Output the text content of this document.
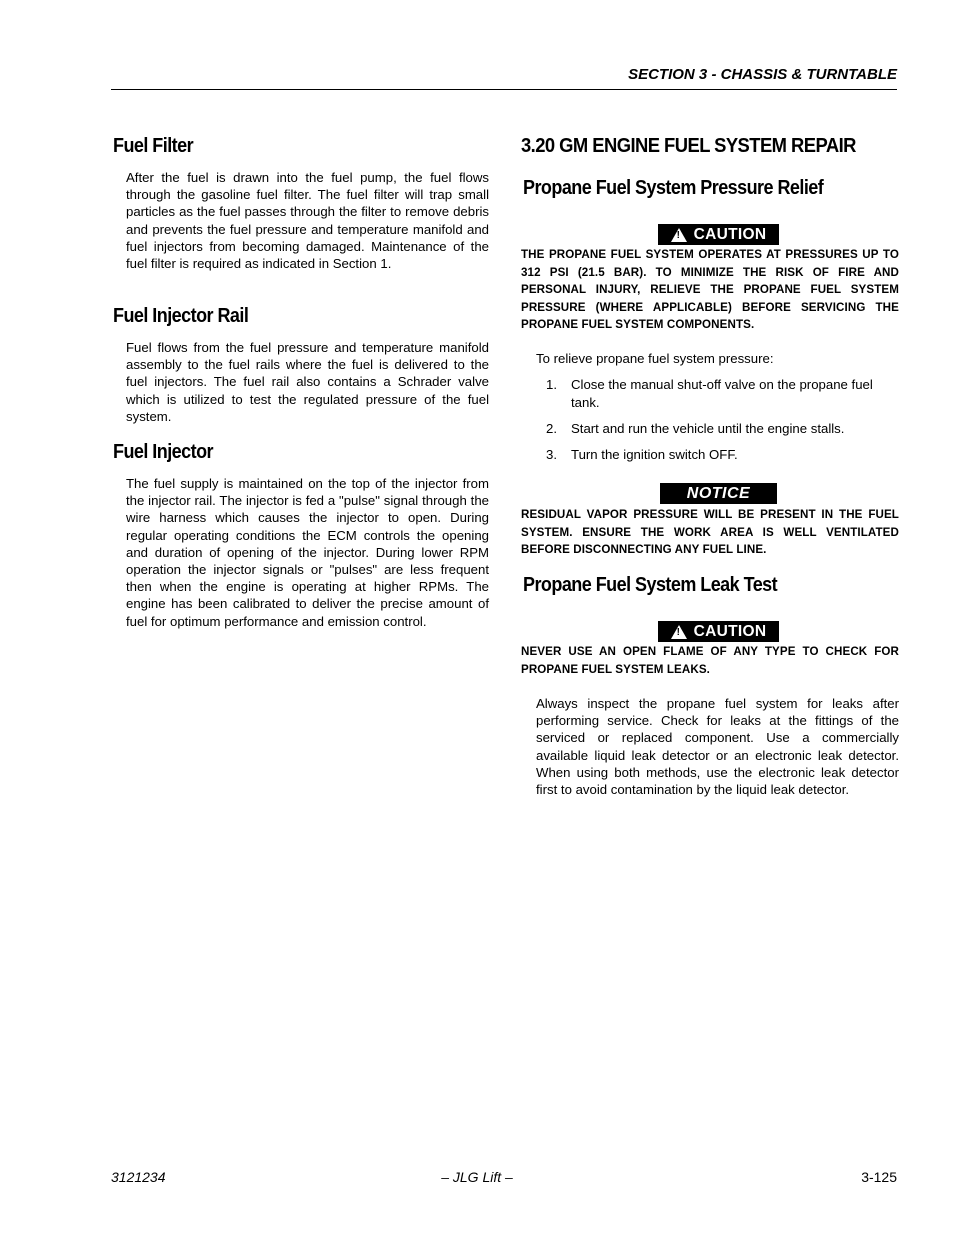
SECTION 3 - CHASSIS & TURNTABLE
Fuel Filter
After the fuel is drawn into the fuel pump, the fuel flows through the gasoline fuel filter. The fuel filter will trap small particles as the fuel passes through the filter to remove debris and prevents the fuel pressure and temperature manifold and fuel injectors from becoming damaged. Maintenance of the fuel filter is required as indicated in Section 1.
Fuel Injector Rail
Fuel flows from the fuel pressure and temperature manifold assembly to the fuel rails where the fuel is delivered to the fuel injectors. The fuel rail also contains a Schrader valve which is utilized to test the regulated pressure of the fuel system.
Fuel Injector
The fuel supply is maintained on the top of the injector from the injector rail. The injector is fed a "pulse" signal through the wire harness which causes the injector to open. During regular operating conditions the ECM controls the opening and duration of opening of the injector. During lower RPM operation the injector signals or "pulses" are less frequent then when the engine is operating at higher RPMs. The engine has been calibrated to deliver the precise amount of fuel for optimum performance and emission control.
3.20 GM ENGINE FUEL SYSTEM REPAIR
Propane Fuel System Pressure Relief
!
CAUTION
THE PROPANE FUEL SYSTEM OPERATES AT PRESSURES UP TO 312 PSI (21.5 BAR). TO MINIMIZE THE RISK OF FIRE AND PERSONAL INJURY, RELIEVE THE PROPANE FUEL SYSTEM PRESSURE (WHERE APPLICABLE) BEFORE SERVICING THE PROPANE FUEL SYSTEM COMPONENTS.
To relieve propane fuel system pressure:
1. Close the manual shut-off valve on the propane fuel tank.
2. Start and run the vehicle until the engine stalls.
3. Turn the ignition switch OFF.
NOTICE
RESIDUAL VAPOR PRESSURE WILL BE PRESENT IN THE FUEL SYSTEM. ENSURE THE WORK AREA IS WELL VENTILATED BEFORE DISCONNECTING ANY FUEL LINE.
Propane Fuel System Leak Test
!
CAUTION
NEVER USE AN OPEN FLAME OF ANY TYPE TO CHECK FOR PROPANE FUEL SYSTEM LEAKS.
Always inspect the propane fuel system for leaks after performing service. Check for leaks at the fittings of the serviced or replaced component. Use a commercially available liquid leak detector or an electronic leak detector. When using both methods, use the electronic leak detector first to avoid contamination by the liquid leak detector.
3121234	– JLG Lift –	3-125
